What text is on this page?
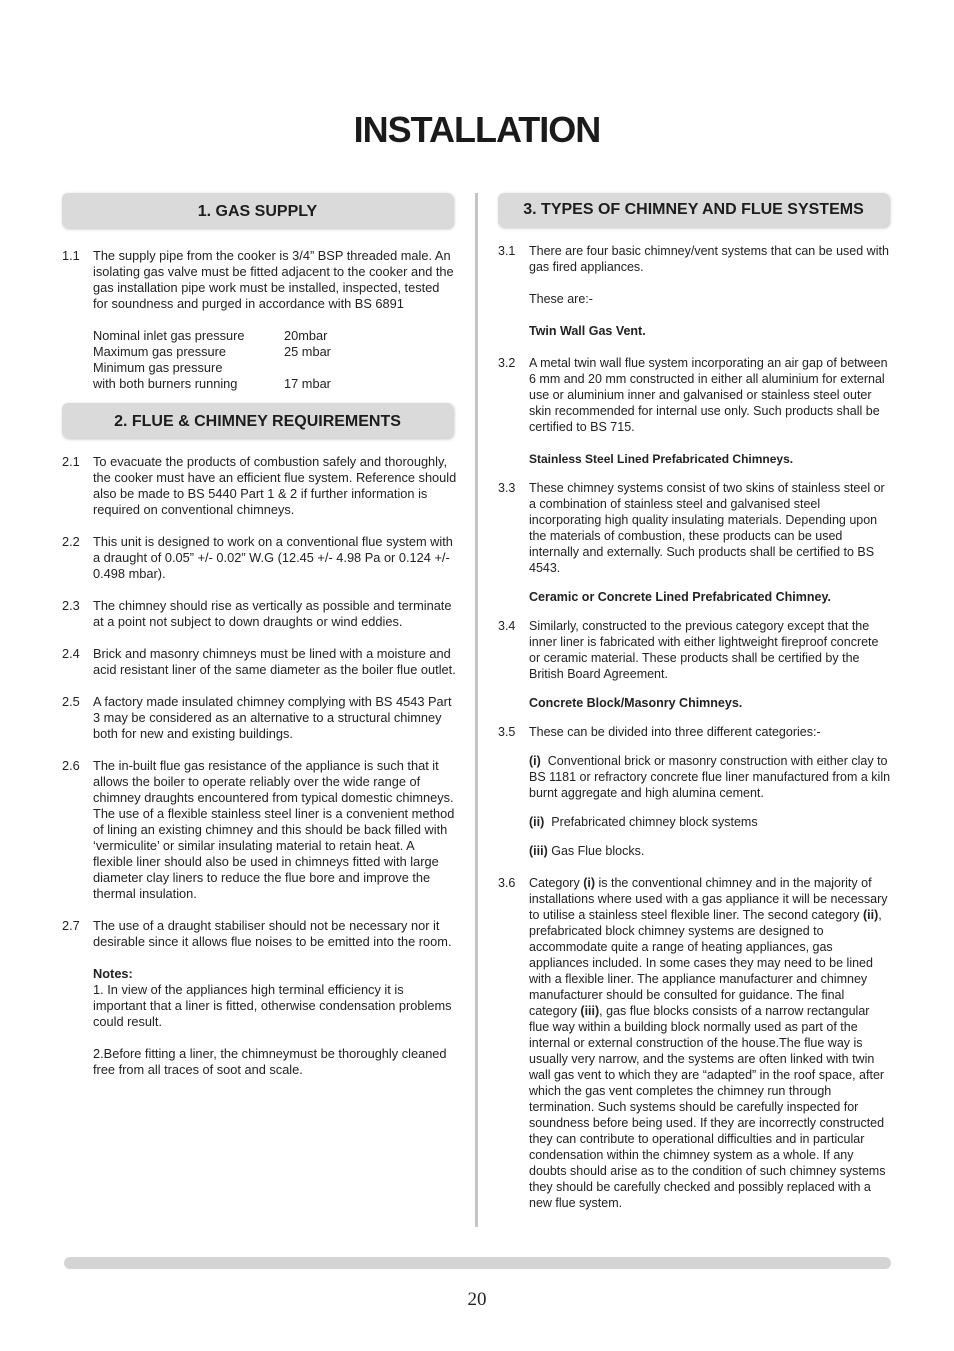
INSTALLATION
1. GAS SUPPLY
1.1	The supply pipe from the cooker is 3/4” BSP threaded male. An isolating gas valve must be fitted adjacent to the cooker and the gas installation pipe work must be installed, inspected, tested for soundness and purged in accordance with BS 6891
Nominal inlet gas pressure	20mbar
Maximum gas pressure	25 mbar
Minimum gas pressure
with both burners running	17 mbar
2. FLUE & CHIMNEY REQUIREMENTS
2.1	To evacuate the products of combustion safely and thoroughly, the cooker must have an efficient flue system. Reference should also be made to BS 5440 Part 1 & 2 if further information is required on conventional chimneys.
2.2	This unit is designed to work on a conventional flue system with a draught of 0.05” +/- 0.02” W.G (12.45 +/- 4.98 Pa or 0.124 +/- 0.498 mbar).
2.3	The chimney should rise as vertically as possible and terminate at a point not subject to down draughts or wind eddies.
2.4	Brick and masonry chimneys must be lined with a moisture and acid resistant liner of the same diameter as the boiler flue outlet.
2.5	A factory made insulated chimney complying with BS 4543 Part 3 may be considered as an alternative to a structural chimney both for new and existing buildings.
2.6	The in-built flue gas resistance of the appliance is such that it allows the boiler to operate reliably over the wide range of chimney draughts encountered from typical domestic chimneys. The use of a flexible stainless steel liner is a convenient method of lining an existing chimney and this should be back filled with ‘vermiculite’ or similar insulating material to retain heat. A flexible liner should also be used in chimneys fitted with large diameter clay liners to reduce the flue bore and improve the thermal insulation.
2.7	The use of a draught stabiliser should not be necessary nor it desirable since it allows flue noises to be emitted into the room.
Notes:
1. In view of the appliances high terminal efficiency it is important that a liner is fitted, otherwise condensation problems could result.
2.Before fitting a liner, the chimneymust be thoroughly cleaned free from all traces of soot and scale.
3. TYPES OF CHIMNEY AND FLUE SYSTEMS
3.1	There are four basic chimney/vent systems that can be used with gas fired appliances.
These are:-
Twin Wall Gas Vent.
3.2	A metal twin wall flue system incorporating an air gap of between 6 mm and 20 mm constructed in either all aluminium for external use or aluminium inner and galvanised or stainless steel outer skin recommended for internal use only. Such products shall be certified to BS 715.
Stainless Steel Lined Prefabricated Chimneys.
3.3	These chimney systems consist of two skins of stainless steel or a combination of stainless steel and galvanised steel incorporating high quality insulating materials. Depending upon the materials of combustion, these products can be used internally and externally. Such products shall be certified to BS 4543.
Ceramic or Concrete Lined Prefabricated Chimney.
3.4	Similarly, constructed to the previous category except that the inner liner is fabricated with either lightweight fireproof concrete or ceramic material. These products shall be certified by the British Board Agreement.
Concrete Block/Masonry Chimneys.
3.5	These can be divided into three different categories:-
(i) Conventional brick or masonry construction with either clay to BS 1181 or refractory concrete flue liner manufactured from a kiln burnt aggregate and high alumina cement.
(ii) Prefabricated chimney block systems
(iii) Gas Flue blocks.
3.6	Category (i) is the conventional chimney and in the majority of installations where used with a gas appliance it will be necessary to utilise a stainless steel flexible liner. The second category (ii), prefabricated block chimney systems are designed to accommodate quite a range of heating appliances, gas appliances included. In some cases they may need to be lined with a flexible liner. The appliance manufacturer and chimney manufacturer should be consulted for guidance. The final category (iii), gas flue blocks consists of a narrow rectangular flue way within a building block normally used as part of the internal or external construction of the house.The flue way is usually very narrow, and the systems are often linked with twin wall gas vent to which they are “adapted” in the roof space, after which the gas vent completes the chimney run through termination. Such systems should be carefully inspected for soundness before being used. If they are incorrectly constructed they can contribute to operational difficulties and in particular condensation within the chimney system as a whole. If any doubts should arise as to the condition of such chimney systems they should be carefully checked and possibly replaced with a new flue system.
20
